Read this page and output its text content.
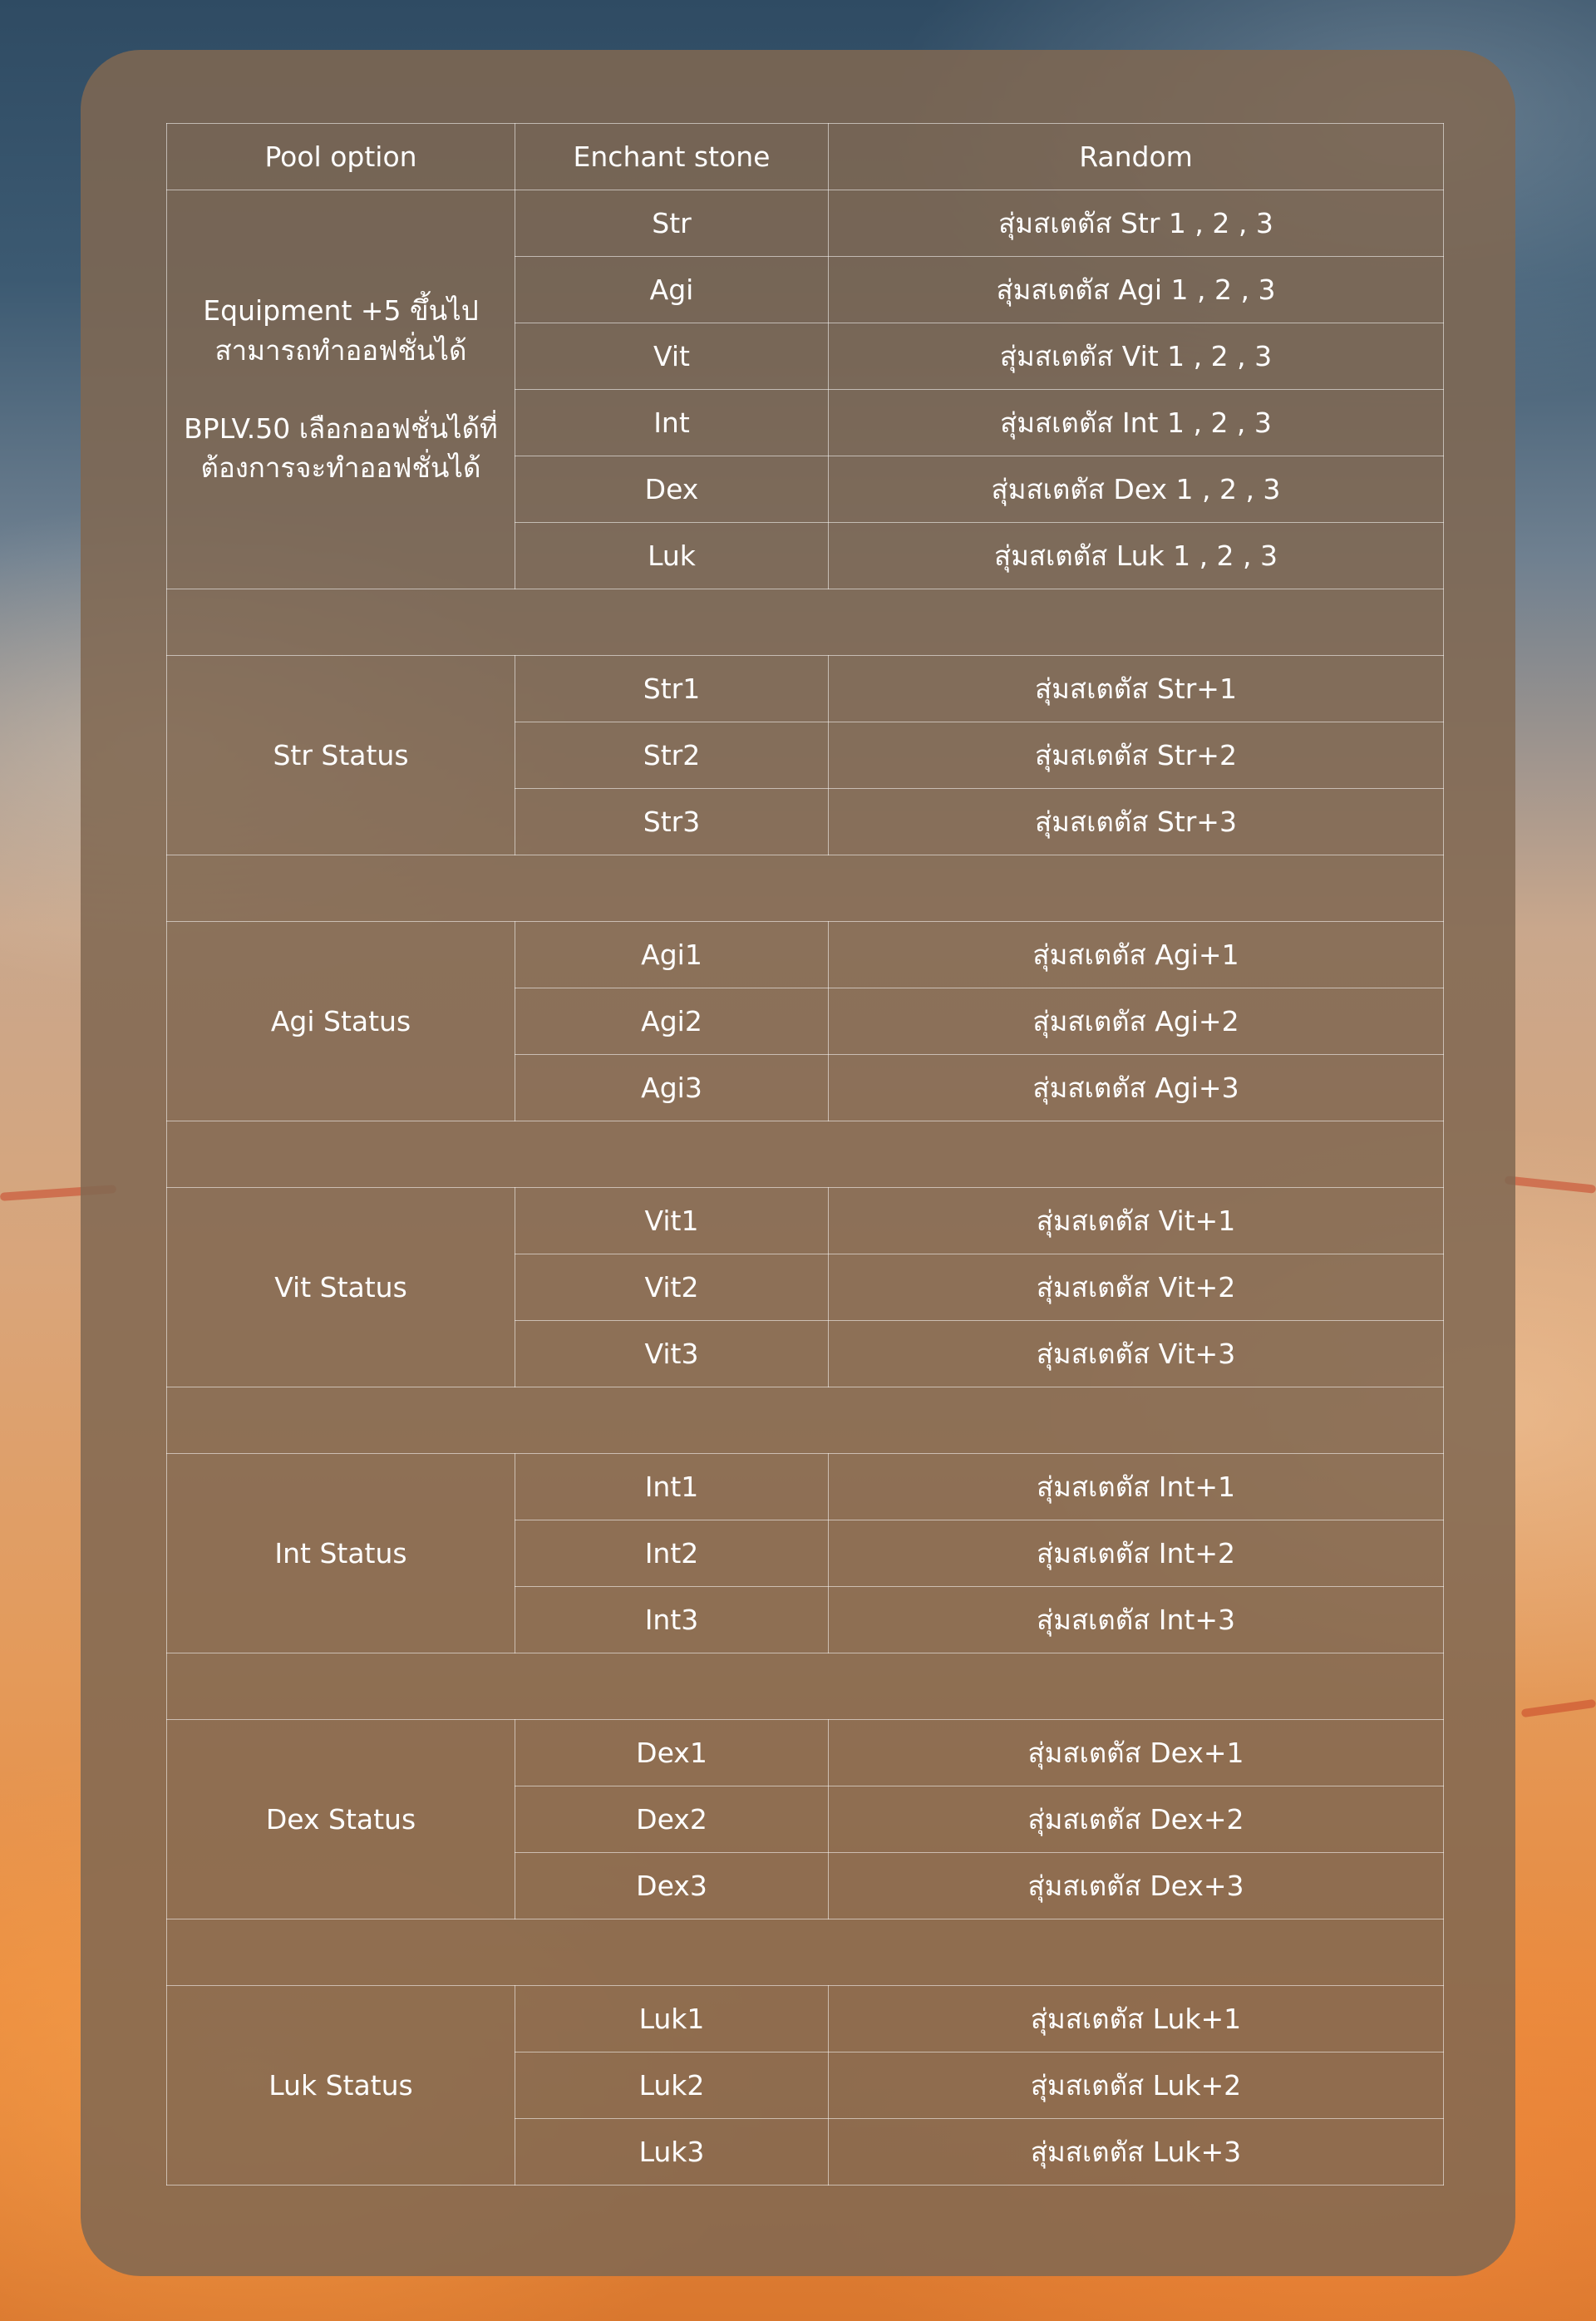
Pool option	Enchant stone	Random

Equipment +5 ขึ้นไป
สามารถทำออฟชั่นได้
BPLV.50 เลือกออฟชั่นได้ที่
ต้องการจะทำออฟชั่นได้	Str	สุ่มสเตตัส Str 1 , 2 , 3
	Agi	สุ่มสเตตัส Agi 1 , 2 , 3
	Vit	สุ่มสเตตัส Vit 1 , 2 , 3
	Int	สุ่มสเตตัส Int 1 , 2 , 3
	Dex	สุ่มสเตตัส Dex 1 , 2 , 3
	Luk	สุ่มสเตตัส Luk 1 , 2 , 3

Str Status	Str1	สุ่มสเตตัส Str+1
	Str2	สุ่มสเตตัส Str+2
	Str3	สุ่มสเตตัส Str+3

Agi Status	Agi1	สุ่มสเตตัส Agi+1
	Agi2	สุ่มสเตตัส Agi+2
	Agi3	สุ่มสเตตัส Agi+3

Vit Status	Vit1	สุ่มสเตตัส Vit+1
	Vit2	สุ่มสเตตัส Vit+2
	Vit3	สุ่มสเตตัส Vit+3

Int Status	Int1	สุ่มสเตตัส Int+1
	Int2	สุ่มสเตตัส Int+2
	Int3	สุ่มสเตตัส Int+3

Dex Status	Dex1	สุ่มสเตตัส Dex+1
	Dex2	สุ่มสเตตัส Dex+2
	Dex3	สุ่มสเตตัส Dex+3

Luk Status	Luk1	สุ่มสเตตัส Luk+1
	Luk2	สุ่มสเตตัส Luk+2
	Luk3	สุ่มสเตตัส Luk+3
